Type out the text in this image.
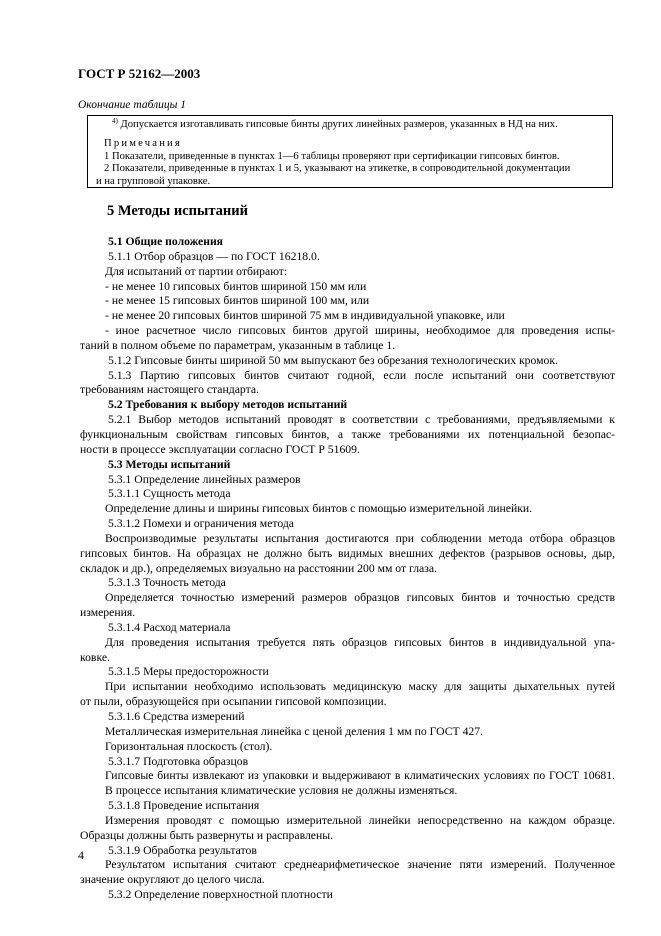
ГОСТ Р 52162—2003
Окончание таблицы 1
$^{4)}$ Допускается изготавливать гипсовые бинты других линейных размеров, указанных в НД на них.
Примечания
1 Показатели, приведенные в пунктах 1—6 таблицы проверяют при сертификации гипсовых бинтов.
2 Показатели, приведенные в пунктах 1 и 5, указывают на этикетке, в сопроводительной документации
и на групповой упаковке.
5 Методы испытаний
5.1 Общие положения
5.1.1 Отбор образцов — по ГОСТ 16218.0.
Для испытаний от партии отбирают:
- не менее 10 гипсовых бинтов шириной 150 мм или
- не менее 15 гипсовых бинтов шириной 100 мм, или
- не менее 20 гипсовых бинтов шириной 75 мм в индивидуальной упаковке, или
- иное расчетное число гипсовых бинтов другой ширины, необходимое для проведения испы-
таний в полном объеме по параметрам, указанным в таблице 1.
5.1.2 Гипсовые бинты шириной 50 мм выпускают без обрезания технологических кромок.
5.1.3 Партию гипсовых бинтов считают годной, если после испытаний они соответствуют
требованиям настоящего стандарта.
5.2 Требования к выбору методов испытаний
5.2.1 Выбор методов испытаний проводят в соответствии с требованиями, предъявляемыми к
функциональным свойствам гипсовых бинтов, а также требованиями их потенциальной безопас-
ности в процессе эксплуатации согласно ГОСТ Р 51609.
5.3 Методы испытаний
5.3.1 Определение линейных размеров
5.3.1.1 Сущность метода
Определение длины и ширины гипсовых бинтов с помощью измерительной линейки.
5.3.1.2 Помехи и ограничения метода
Воспроизводимые результаты испытания достигаются при соблюдении метода отбора образцов
гипсовых бинтов. На образцах не должно быть видимых внешних дефектов (разрывов основы, дыр,
складок и др.), определяемых визуально на расстоянии 200 мм от глаза.
5.3.1.3 Точность метода
Определяется точностью измерений размеров образцов гипсовых бинтов и точностью средств
измерения.
5.3.1.4 Расход материала
Для проведения испытания требуется пять образцов гипсовых бинтов в индивидуальной упа-
ковке.
5.3.1.5 Меры предосторожности
При испытании необходимо использовать медицинскую маску для защиты дыхательных путей
от пыли, образующейся при осыпании гипсовой композиции.
5.3.1.6 Средства измерений
Металлическая измерительная линейка с ценой деления 1 мм по ГОСТ 427.
Горизонтальная плоскость (стол).
5.3.1.7 Подготовка образцов
Гипсовые бинты извлекают из упаковки и выдерживают в климатических условиях по ГОСТ 10681.
В процессе испытания климатические условия не должны изменяться.
5.3.1.8 Проведение испытания
Измерения проводят с помощью измерительной линейки непосредственно на каждом образце.
Образцы должны быть развернуты и расправлены.
5.3.1.9 Обработка результатов
Результатом испытания считают среднеарифметическое значение пяти измерений. Полученное
значение округляют до целого числа.
5.3.2 Определение поверхностной плотности
4
